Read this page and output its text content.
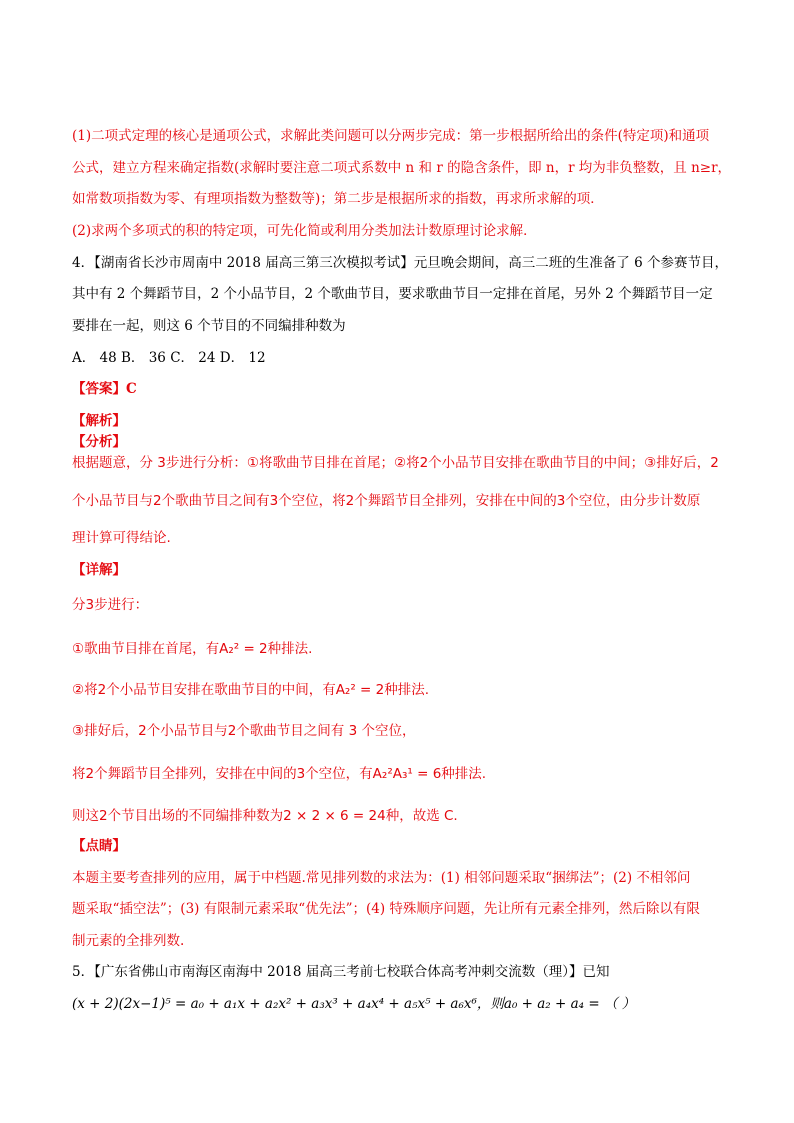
(1)二项式定理的核心是通项公式，求解此类问题可以分两步完成：第一步根据所给出的条件(特定项)和通项
公式，建立方程来确定指数(求解时要注意二项式系数中 n 和 r 的隐含条件，即 n，r 均为非负整数，且 n≥r，
如常数项指数为零、有理项指数为整数等)；第二步是根据所求的指数，再求所求解的项．
(2)求两个多项式的积的特定项，可先化简或利用分类加法计数原理讨论求解．
4．【湖南省长沙市周南中 2018 届高三第三次模拟考试】元旦晚会期间，高三二班的生准备了 6 个参赛节目，
其中有 2 个舞蹈节目，2 个小品节目，2 个歌曲节目，要求歌曲节目一定排在首尾，另外 2 个舞蹈节目一定
要排在一起，则这 6 个节目的不同编排种数为
A． 48 B． 36 C． 24 D． 12
【答案】C
【解析】
【分析】
根据题意，分 3步进行分析：①将歌曲节目排在首尾；②将2个小品节目安排在歌曲节目的中间；③排好后，2
个小品节目与2个歌曲节目之间有3个空位，将2个舞蹈节目全排列，安排在中间的3个空位，由分步计数原
理计算可得结论.
【详解】
分3步进行：
①歌曲节目排在首尾，有A₂² = 2种排法.
②将2个小品节目安排在歌曲节目的中间，有A₂² = 2种排法.
③排好后，2个小品节目与2个歌曲节目之间有 3 个空位，
将2个舞蹈节目全排列，安排在中间的3个空位，有A₂²A₃¹ = 6种排法.
则这2个节目出场的不同编排种数为2 × 2 × 6 = 24种，故选 C.
【点睛】
本题主要考查排列的应用，属于中档题.常见排列数的求法为：(1) 相邻问题采取“捆绑法”；(2) 不相邻问
题采取“插空法”；(3) 有限制元素采取“优先法”；(4) 特殊顺序问题，先让所有元素全排列，然后除以有限
制元素的全排列数.
5．【广东省佛山市南海区南海中 2018 届高三考前七校联合体高考冲刺交流数（理）】已知
(x + 2)(2x−1)⁵ = a₀ + a₁x + a₂x² + a₃x³ + a₄x⁴ + a₅x⁵ + a₆x⁶，则a₀ + a₂ + a₄ = （ ）
